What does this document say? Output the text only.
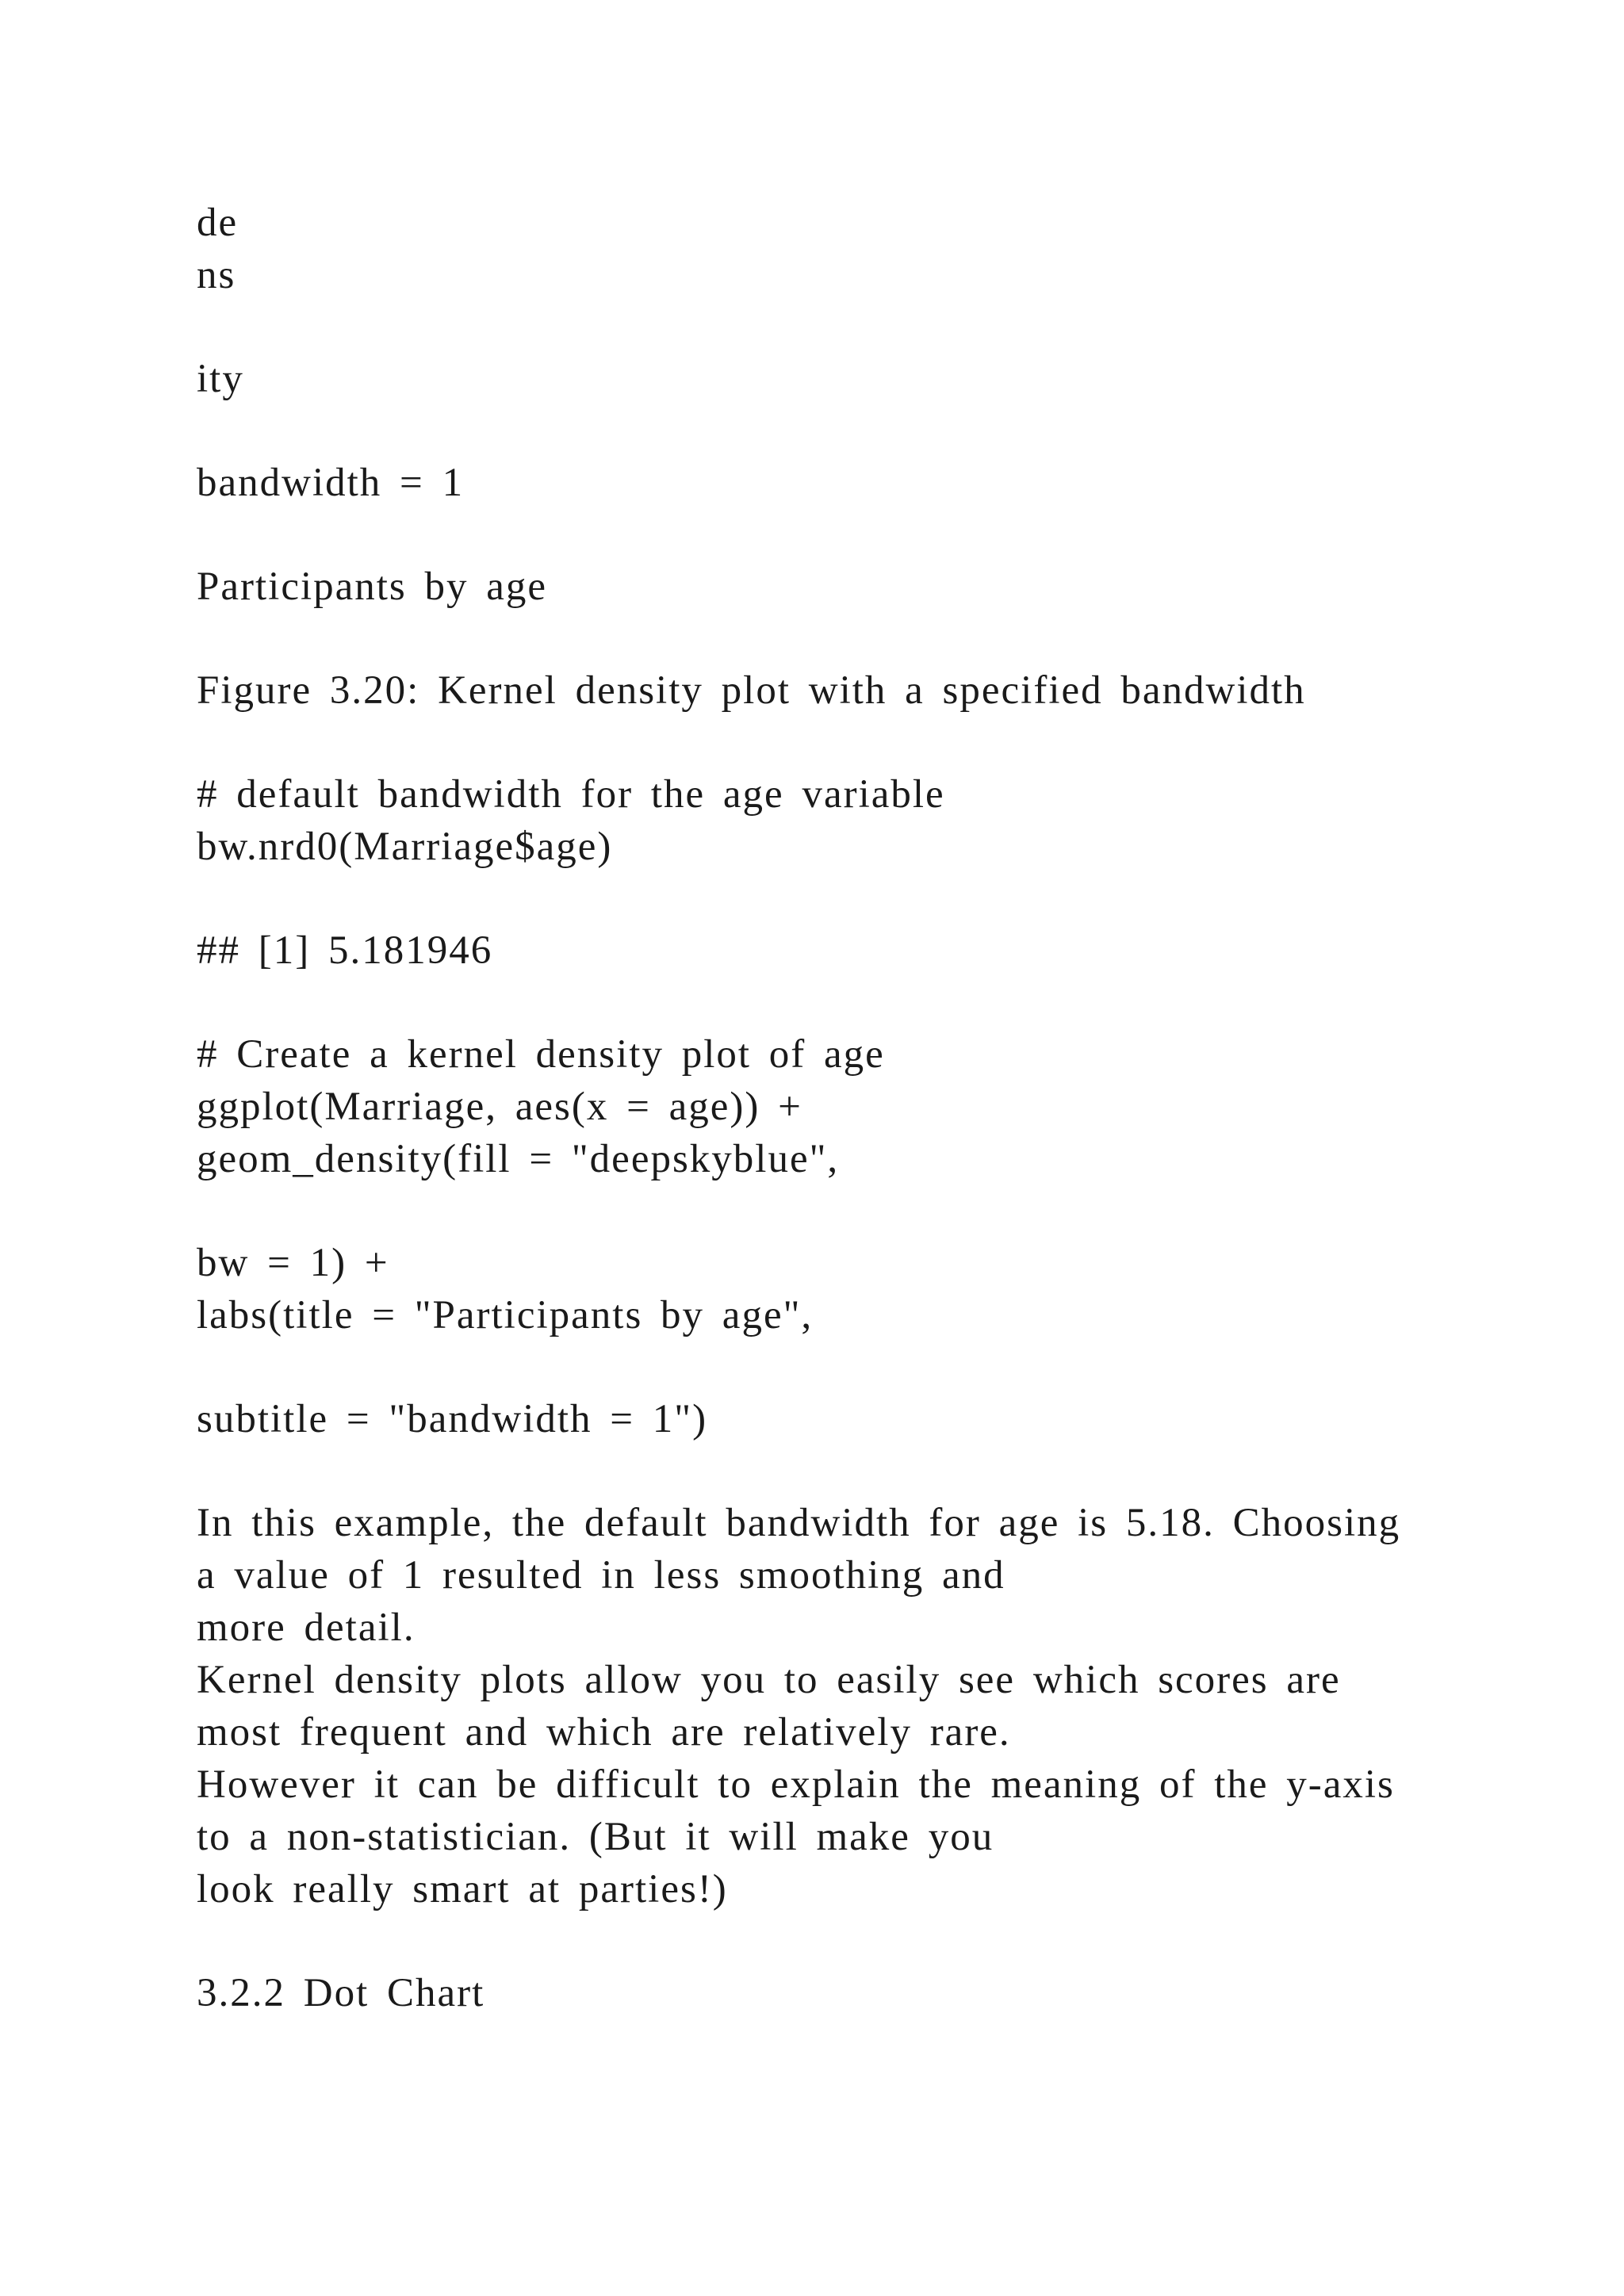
de
ns
ity
bandwidth = 1
Participants by age
Figure 3.20: Kernel density plot with a specified bandwidth
# default bandwidth for the age variable
bw.nrd0(Marriage$age)
## [1] 5.181946
# Create a kernel density plot of age
ggplot(Marriage, aes(x = age)) +
geom_density(fill = "deepskyblue",
bw = 1) +
labs(title = "Participants by age",
subtitle = "bandwidth = 1")
In this example, the default bandwidth for age is 5.18. Choosing
a value of 1 resulted in less smoothing and
more detail.
Kernel density plots allow you to easily see which scores are
most frequent and which are relatively rare.
However it can be difficult to explain the meaning of the y-axis
to a non-statistician. (But it will make you
look really smart at parties!)
3.2.2 Dot Chart
